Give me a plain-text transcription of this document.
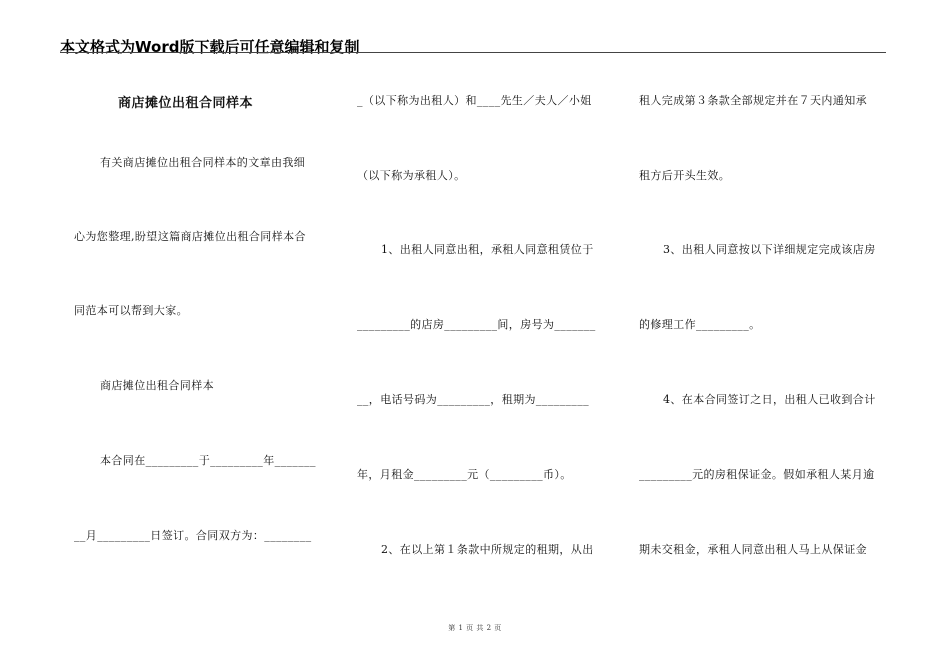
本文格式为Word版下载后可任意编辑和复制
商店摊位出租合同样本
有关商店摊位出租合同样本的文章由我细
心为您整理,盼望这篇商店摊位出租合同样本合
同范本可以帮到大家。
商店摊位出租合同样本
本合同在_________于_________年_______
__月_________日签订。合同双方为：________
_（以下称为出租人）和____先生／夫人／小姐
（以下称为承租人）。
1、出租人同意出租，承租人同意租赁位于
_________的店房_________间，房号为_______
__，电话号码为_________，租期为_________
年，月租金_________元（_________币）。
2、在以上第１条款中所规定的租期，从出
租人完成第３条款全部规定并在７天内通知承
租方后开头生效。
3、出租人同意按以下详细规定完成该店房
的修理工作_________。
4、在本合同签订之日，出租人已收到合计
_________元的房租保证金。假如承租人某月逾
期未交租金，承租人同意出租人马上从保证金
第 1 页 共 2 页
